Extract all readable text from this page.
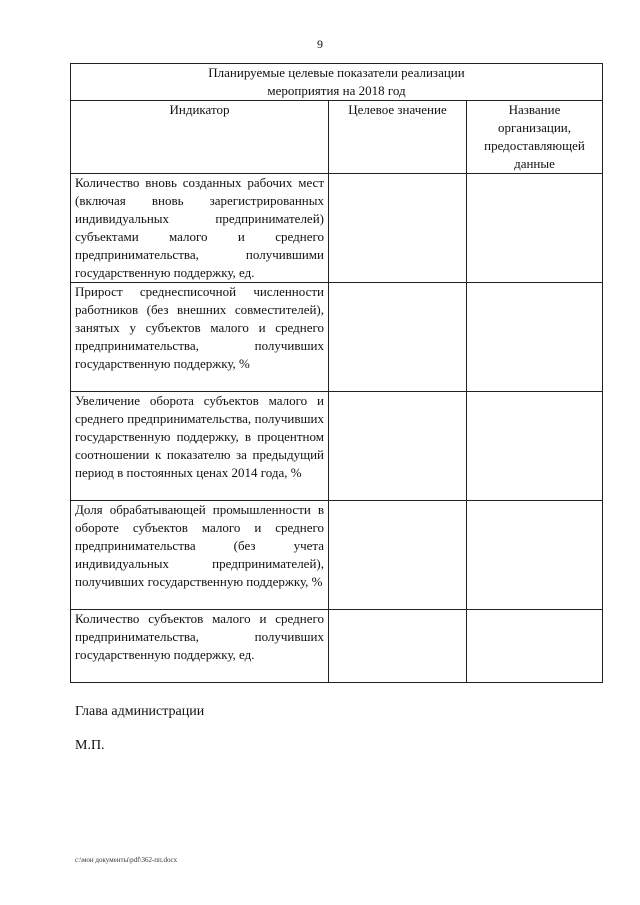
9
Планируемые целевые показатели реализации
мероприятия на 2018 год		

Индикатор	Целевое значение	Название организации, предоставляющей данные
Количество вновь созданных рабочих мест (включая вновь зарегистрированных индивидуальных предпринимателей) субъектами малого и среднего предпринимательства, получившими государственную поддержку, ед.		
Прирост среднесписочной численности работников (без внешних совместителей), занятых у субъектов малого и среднего предпринимательства, получивших государственную поддержку, %		
Увеличение оборота субъектов малого и среднего предпринимательства, получивших государственную поддержку, в процентном соотношении к показателю за предыдущий период в постоянных ценах 2014 года, %		
Доля обрабатывающей промышленности в обороте субъектов малого и среднего предпринимательства (без учета индивидуальных предпринимателей), получивших государственную поддержку, %		
Количество субъектов малого и среднего предпринимательства, получивших государственную поддержку, ед.		
Глава администрации
М.П.
c:\мои документы\pdf\362-пп.docx
